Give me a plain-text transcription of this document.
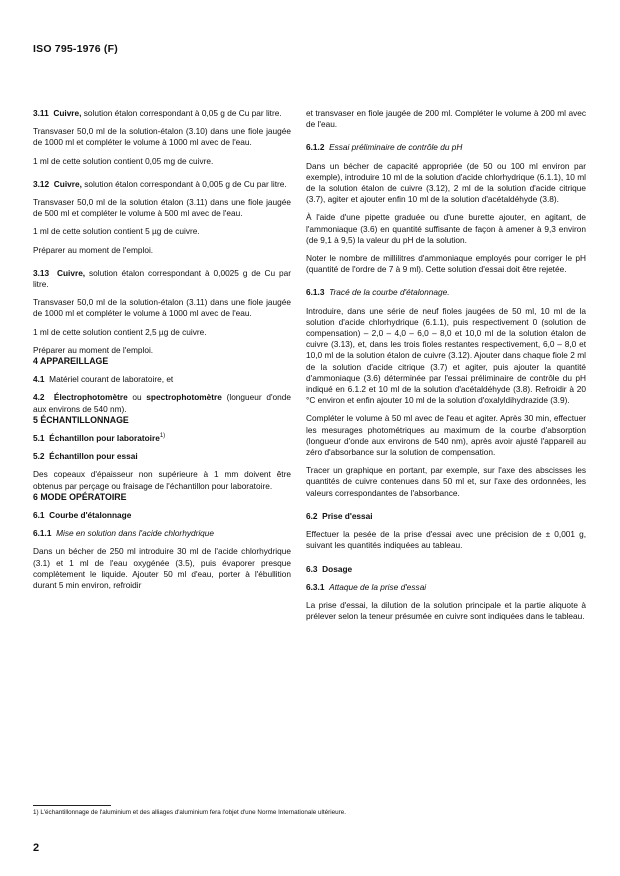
ISO 795-1976 (F)

3.11 Cuivre, solution étalon correspondant à 0,05 g de Cu par litre.

Transvaser 50,0 ml de la solution-étalon (3.10) dans une fiole jaugée de 1000 ml et compléter le volume à 1000 ml avec de l'eau.

1 ml de cette solution contient 0,05 mg de cuivre.

3.12 Cuivre, solution étalon correspondant à 0,005 g de Cu par litre.

Transvaser 50,0 ml de la solution étalon (3.11) dans une fiole jaugée de 500 ml et compléter le volume à 500 ml avec de l'eau.

1 ml de cette solution contient 5 µg de cuivre.

Préparer au moment de l'emploi.

3.13 Cuivre, solution étalon correspondant à 0,0025 g de Cu par litre.

Transvaser 50,0 ml de la solution-étalon (3.11) dans une fiole jaugée de 1000 ml et compléter le volume à 1000 ml avec de l'eau.

1 ml de cette solution contient 2,5 µg de cuivre.

Préparer au moment de l'emploi.

4 APPAREILLAGE

4.1 Matériel courant de laboratoire, et

4.2 Électrophotomètre ou spectrophotomètre (longueur d'onde aux environs de 540 nm).

5 ÉCHANTILLONNAGE

5.1 Échantillon pour laboratoire$^{1)}$

5.2 Échantillon pour essai

Des copeaux d'épaisseur non supérieure à 1 mm doivent être obtenus par perçage ou fraisage de l'échantillon pour laboratoire.

6 MODE OPÉRATOIRE

6.1 Courbe d'étalonnage

6.1.1 Mise en solution dans l'acide chlorhydrique

Dans un bécher de 250 ml introduire 30 ml de l'acide chlorhydrique (3.1) et 1 ml de l'eau oxygénée (3.5), puis évaporer presque complètement le liquide. Ajouter 50 ml d'eau, porter à l'ébullition durant 5 min environ, refroidir

et transvaser en fiole jaugée de 200 ml. Compléter le volume à 200 ml avec de l'eau.

6.1.2 Essai préliminaire de contrôle du pH

Dans un bécher de capacité appropriée (de 50 ou 100 ml environ par exemple), introduire 10 ml de la solution d'acide chlorhydrique (6.1.1), 10 ml de la solution étalon de cuivre (3.12), 2 ml de la solution d'acide citrique (3.7), agiter et ajouter enfin 10 ml de la solution d'acétaldéhyde (3.8).

À l'aide d'une pipette graduée ou d'une burette ajouter, en agitant, de l'ammoniaque (3.6) en quantité suffisante de façon à amener à 9,3 environ (de 9,1 à 9,5) la valeur du pH de la solution.

Noter le nombre de millilitres d'ammoniaque employés pour corriger le pH (quantité de l'ordre de 7 à 9 ml). Cette solution d'essai doit être rejetée.

6.1.3 Tracé de la courbe d'étalonnage.

Introduire, dans une série de neuf fioles jaugées de 50 ml, 10 ml de la solution d'acide chlorhydrique (6.1.1), puis respectivement 0 (solution de compensation) – 2,0 – 4,0 – 6,0 – 8,0 et 10,0 ml de la solution étalon de cuivre (3.13), et, dans les trois fioles restantes respectivement, 6,0 – 8,0 et 10,0 ml de la solution étalon de cuivre (3.12). Ajouter dans chaque fiole 2 ml de la solution d'acide citrique (3.7) et agiter, puis ajouter la quantité d'ammoniaque (3.6) déterminée par l'essai préliminaire de contrôle du pH indiqué en 6.1.2 et 10 ml de la solution d'acétaldéhyde (3.8). Refroidir à 20 °C environ et enfin ajouter 10 ml de la solution d'oxalyldihydrazide (3.9).

Compléter le volume à 50 ml avec de l'eau et agiter. Après 30 min, effectuer les mesurages photométriques au maximum de la courbe d'absorption (longueur d'onde aux environs de 540 nm), après avoir ajusté l'appareil au zéro d'absorbance sur la solution de compensation.

Tracer un graphique en portant, par exemple, sur l'axe des abscisses les quantités de cuivre contenues dans 50 ml et, sur l'axe des ordonnées, les valeurs correspondantes de l'absorbance.

6.2 Prise d'essai

Effectuer la pesée de la prise d'essai avec une précision de ± 0,001 g, suivant les quantités indiquées au tableau.

6.3 Dosage

6.3.1 Attaque de la prise d'essai

La prise d'essai, la dilution de la solution principale et la partie aliquote à prélever selon la teneur présumée en cuivre sont indiquées dans le tableau.

1) L'échantillonnage de l'aluminium et des alliages d'aluminium fera l'objet d'une Norme Internationale ultérieure.
2
